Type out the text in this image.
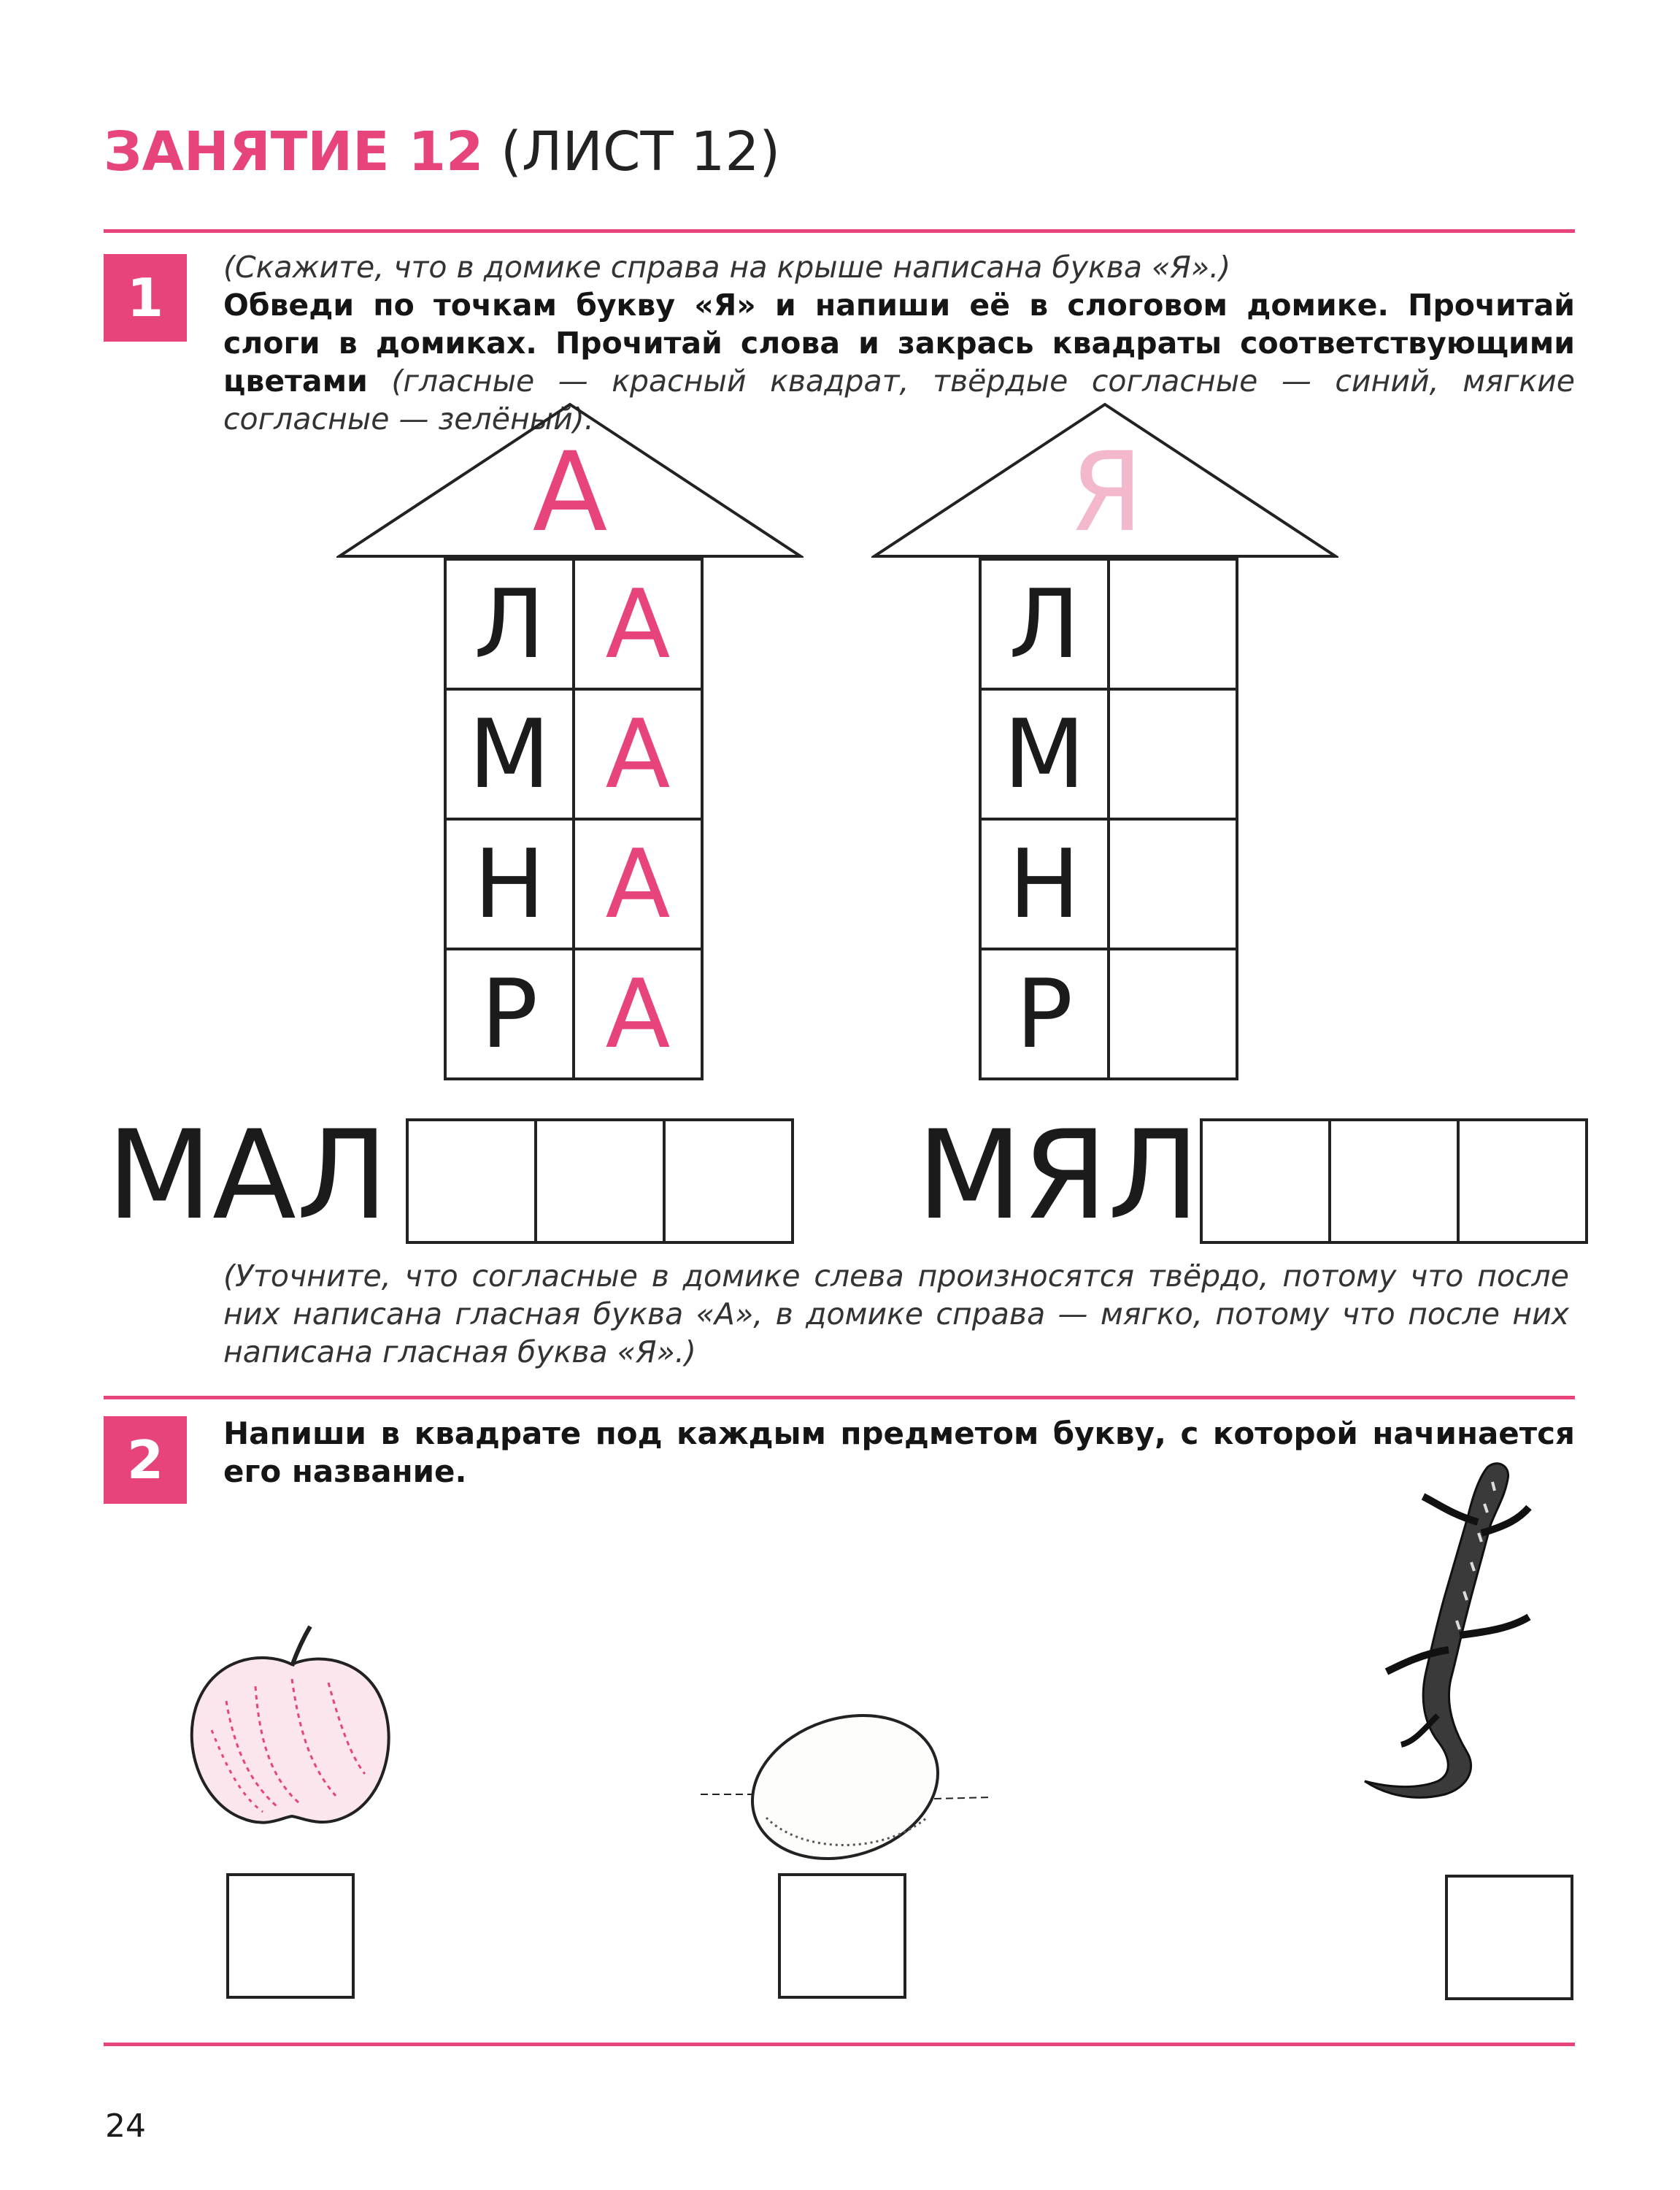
ЗАНЯТИЕ 12 (ЛИСТ 12)
1	(Скажите, что в домике справа на крыше написана буква «Я».)
Обведи по точкам букву «Я» и напиши её в слоговом домике. Прочитай слоги в домиках. Прочитай слова и закрась квадраты соответствующими цветами (гласные — красный квадрат, твёрдые согласные — синий, мягкие согласные — зелёный).
А
Л А
М А
Н А
Р А
Я
Л
М
Н
Р
МАЛ	МЯЛ
(Уточните, что согласные в домике слева произносятся твёрдо, потому что после них написана гласная буква «А», в домике справа — мягко, потому что после них написана гласная буква «Я».)
2	Напиши в квадрате под каждым предметом букву, с которой начинается его название.
24
